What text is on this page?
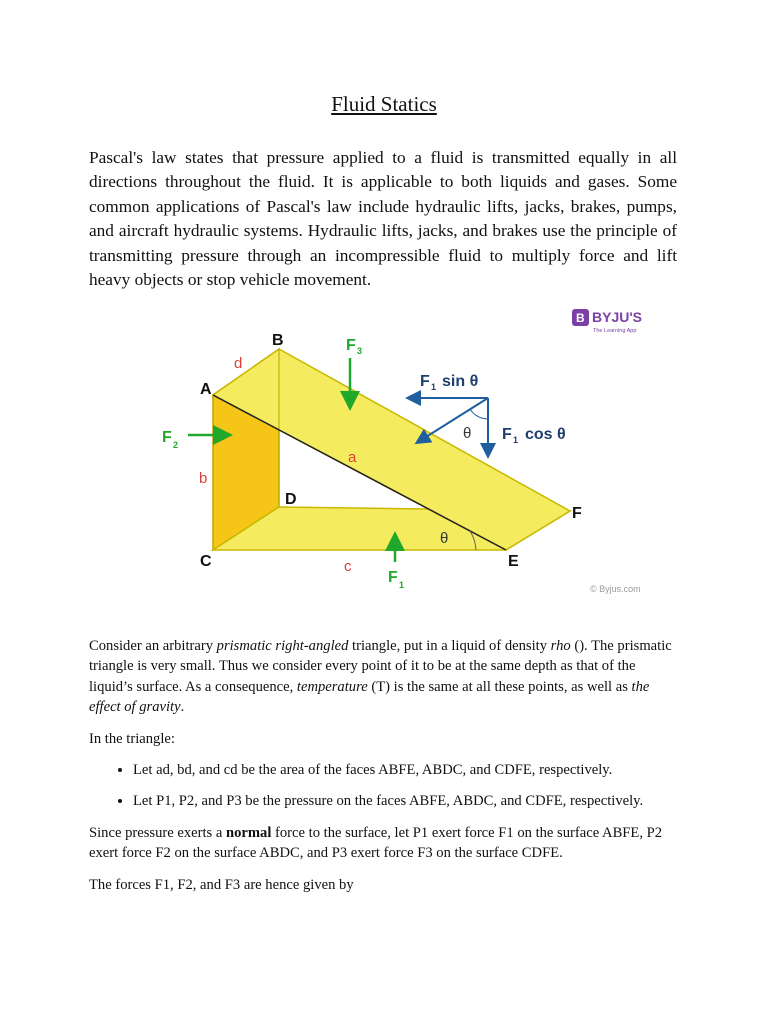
Fluid Statics
Pascal's law states that pressure applied to a fluid is transmitted equally in all directions throughout the fluid. It is applicable to both liquids and gases. Some common applications of Pascal's law include hydraulic lifts, jacks, brakes, pumps, and aircraft hydraulic systems. Hydraulic lifts, jacks, and brakes use the principle of transmitting pressure through an incompressible fluid to multiply force and lift heavy objects or stop vehicle movement.
B BYJU'S
The Learning App
A
B
C
D
E
F
a
b
c
d
θ
F 3
F 2
F 1
θ
F 1 sin θ
F 1 cos θ
© Byjus.com

Consider an arbitrary prismatic right-angled triangle, put in a liquid of density rho (). The prismatic triangle is very small. Thus we consider every point of it to be at the same depth as that of the liquid’s surface. As a consequence, temperature (T) is the same at all these points, as well as the effect of gravity.

In the triangle:

• Let ad, bd, and cd be the area of the faces ABFE, ABDC, and CDFE, respectively.
• Let P1, P2, and P3 be the pressure on the faces ABFE, ABDC, and CDFE, respectively.

Since pressure exerts a normal force to the surface, let P1 exert force F1 on the surface ABFE, P2 exert force F2 on the surface ABDC, and P3 exert force F3 on the surface CDFE.

The forces F1, F2, and F3 are hence given by
